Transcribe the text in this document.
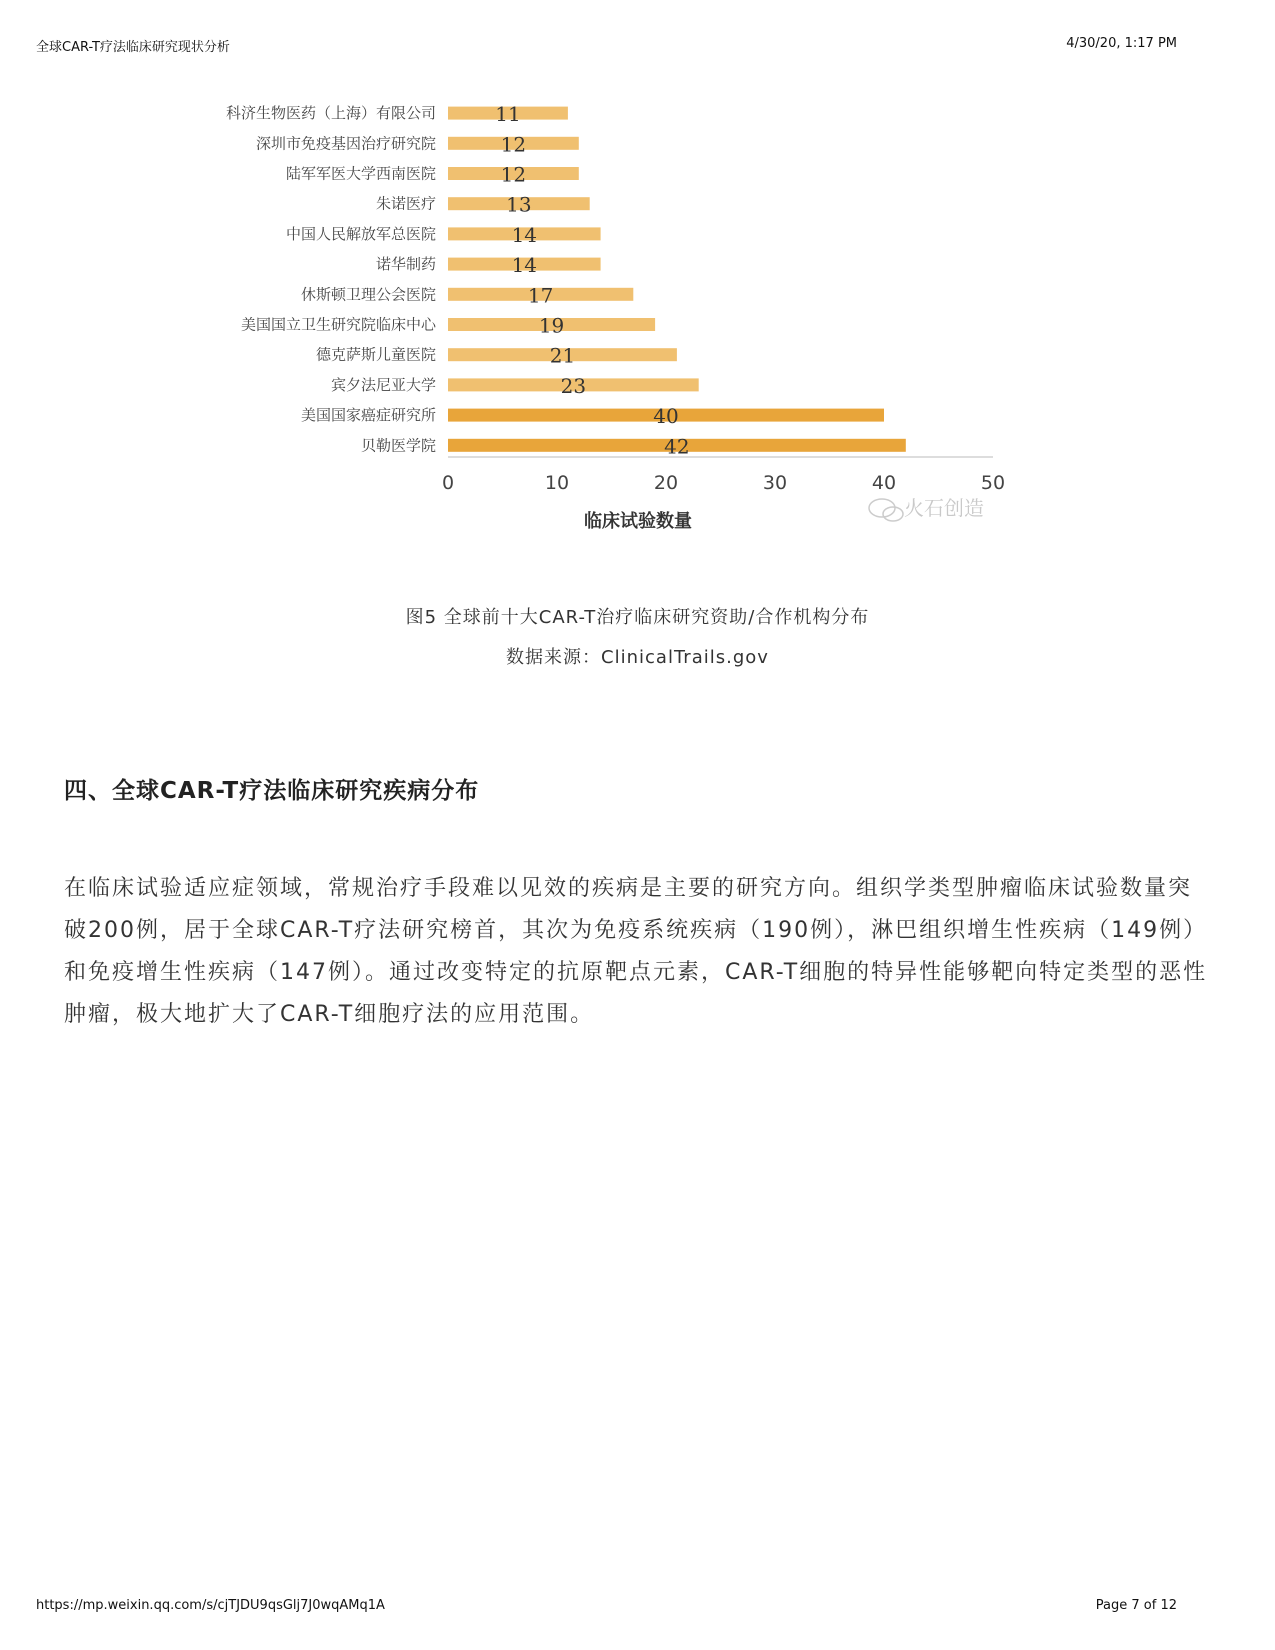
全球CAR-T疗法临床研究现状分析	4/30/20, 1:17 PM
科济生物医药（上海）有限公司	11
深圳市免疫基因治疗研究院	12
陆军军医大学西南医院	12
朱诺医疗	13
中国人民解放军总医院	14
诺华制药	14
休斯顿卫理公会医院	17
美国国立卫生研究院临床中心	19
德克萨斯儿童医院	21
宾夕法尼亚大学	23
美国国家癌症研究所	40
贝勒医学院	42
0	10	20	30	40	50
临床试验数量
火石创造
图5 全球前十大CAR-T治疗临床研究资助/合作机构分布
数据来源：ClinicalTrails.gov
四、全球CAR-T疗法临床研究疾病分布
在临床试验适应症领域，常规治疗手段难以见效的疾病是主要的研究方向。组织学类型肿瘤临床试验数量突破200例，居于全球CAR-T疗法研究榜首，其次为免疫系统疾病（190例），淋巴组织增生性疾病（149例）和免疫增生性疾病（147例）。通过改变特定的抗原靶点元素，CAR-T细胞的特异性能够靶向特定类型的恶性肿瘤，极大地扩大了CAR-T细胞疗法的应用范围。
https://mp.weixin.qq.com/s/cjTJDU9qsGlj7J0wqAMq1A	Page 7 of 12
